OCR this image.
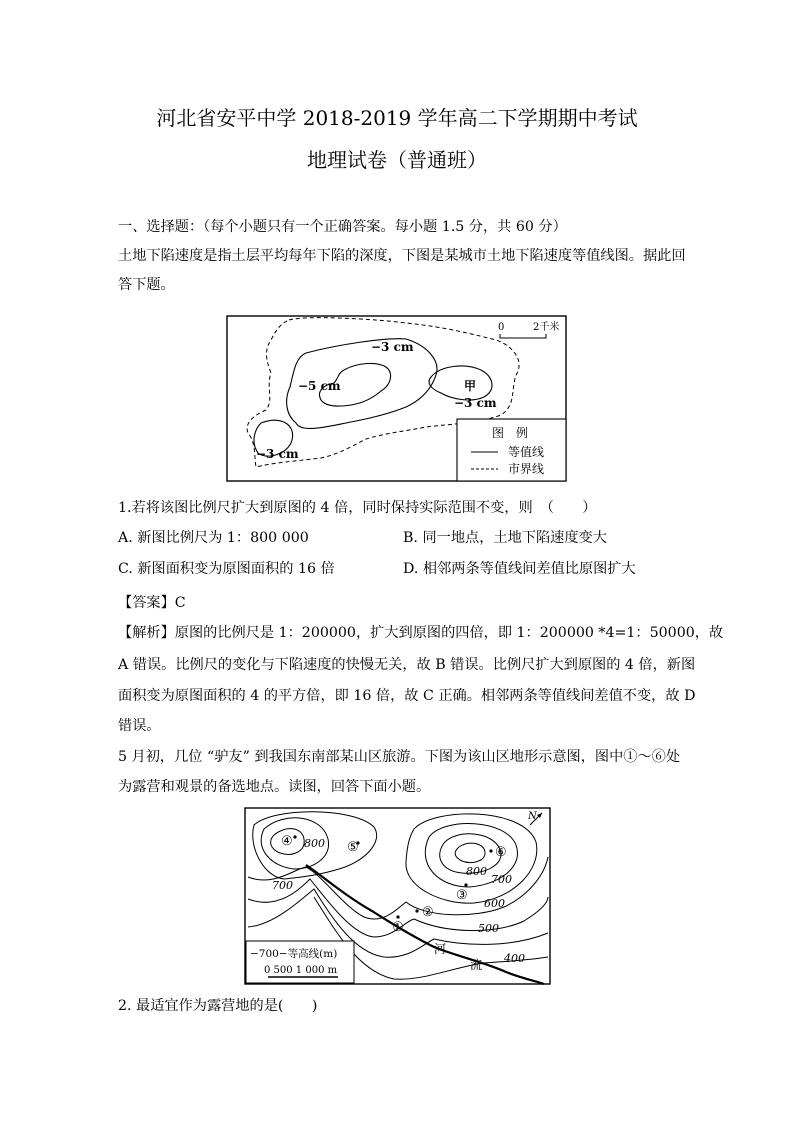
河北省安平中学 2018-2019 学年高二下学期期中考试
地理试卷（普通班）
一、选择题：（每个小题只有一个正确答案。每小题 1.5 分，共 60 分）
土地下陷速度是指土层平均每年下陷的深度，下图是某城市土地下陷速度等值线图。据此回
答下题。
0	2千米
−3 cm
−5 cm	甲
−3 cm
−3 cm
图　例
等值线
市界线
1.若将该图比例尺扩大到原图的 4 倍，同时保持实际范围不变，则　（　　）
A. 新图比例尺为 1：800 000	B. 同一地点，土地下陷速度变大
C. 新图面积变为原图面积的 16 倍	D. 相邻两条等值线间差值比原图扩大
【答案】C
【解析】原图的比例尺是 1：200000，扩大到原图的四倍，即 1：200000 *4=1：50000，故
A 错误。比例尺的变化与下陷速度的快慢无关，故 B 错误。比例尺扩大到原图的 4 倍，新图
面积变为原图面积的 4 的平方倍，即 16 倍，故 C 正确。相邻两条等值线间差值不变，故 D
错误。
5 月初，几位 “驴友” 到我国东南部某山区旅游。下图为该山区地形示意图，图中①～⑥处
为露营和观景的备选地点。读图，回答下面小题。
N
800
700
800
700
600
500
400
①
②
③
④	⑤	⑥
河
流
−700−等高线(m)
0 500 1 000 m
2. 最适宜作为露营地的是(　　)
